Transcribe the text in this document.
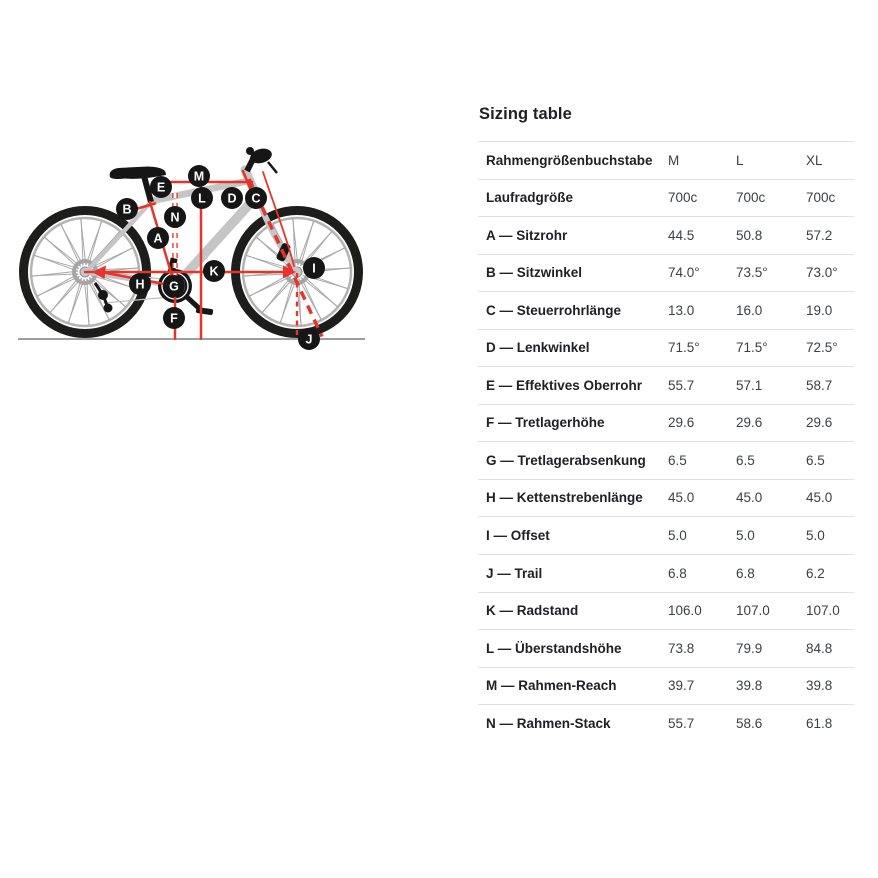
A
B
C
D
E
F
G
H
I
J
K
L
M
N
Sizing table
Rahmengrößenbuchstabe	M	L	XL
Laufradgröße	700c	700c	700c
A — Sitzrohr	44.5	50.8	57.2
B — Sitzwinkel	74.0°	73.5°	73.0°
C — Steuerrohrlänge	13.0	16.0	19.0
D — Lenkwinkel	71.5°	71.5°	72.5°
E — Effektives Oberrohr	55.7	57.1	58.7
F — Tretlagerhöhe	29.6	29.6	29.6
G — Tretlagerabsenkung	6.5	6.5	6.5
H — Kettenstrebenlänge	45.0	45.0	45.0
I — Offset	5.0	5.0	5.0
J — Trail	6.8	6.8	6.2
K — Radstand	106.0	107.0	107.0
L — Überstandshöhe	73.8	79.9	84.8
M — Rahmen-Reach	39.7	39.8	39.8
N — Rahmen-Stack	55.7	58.6	61.8
